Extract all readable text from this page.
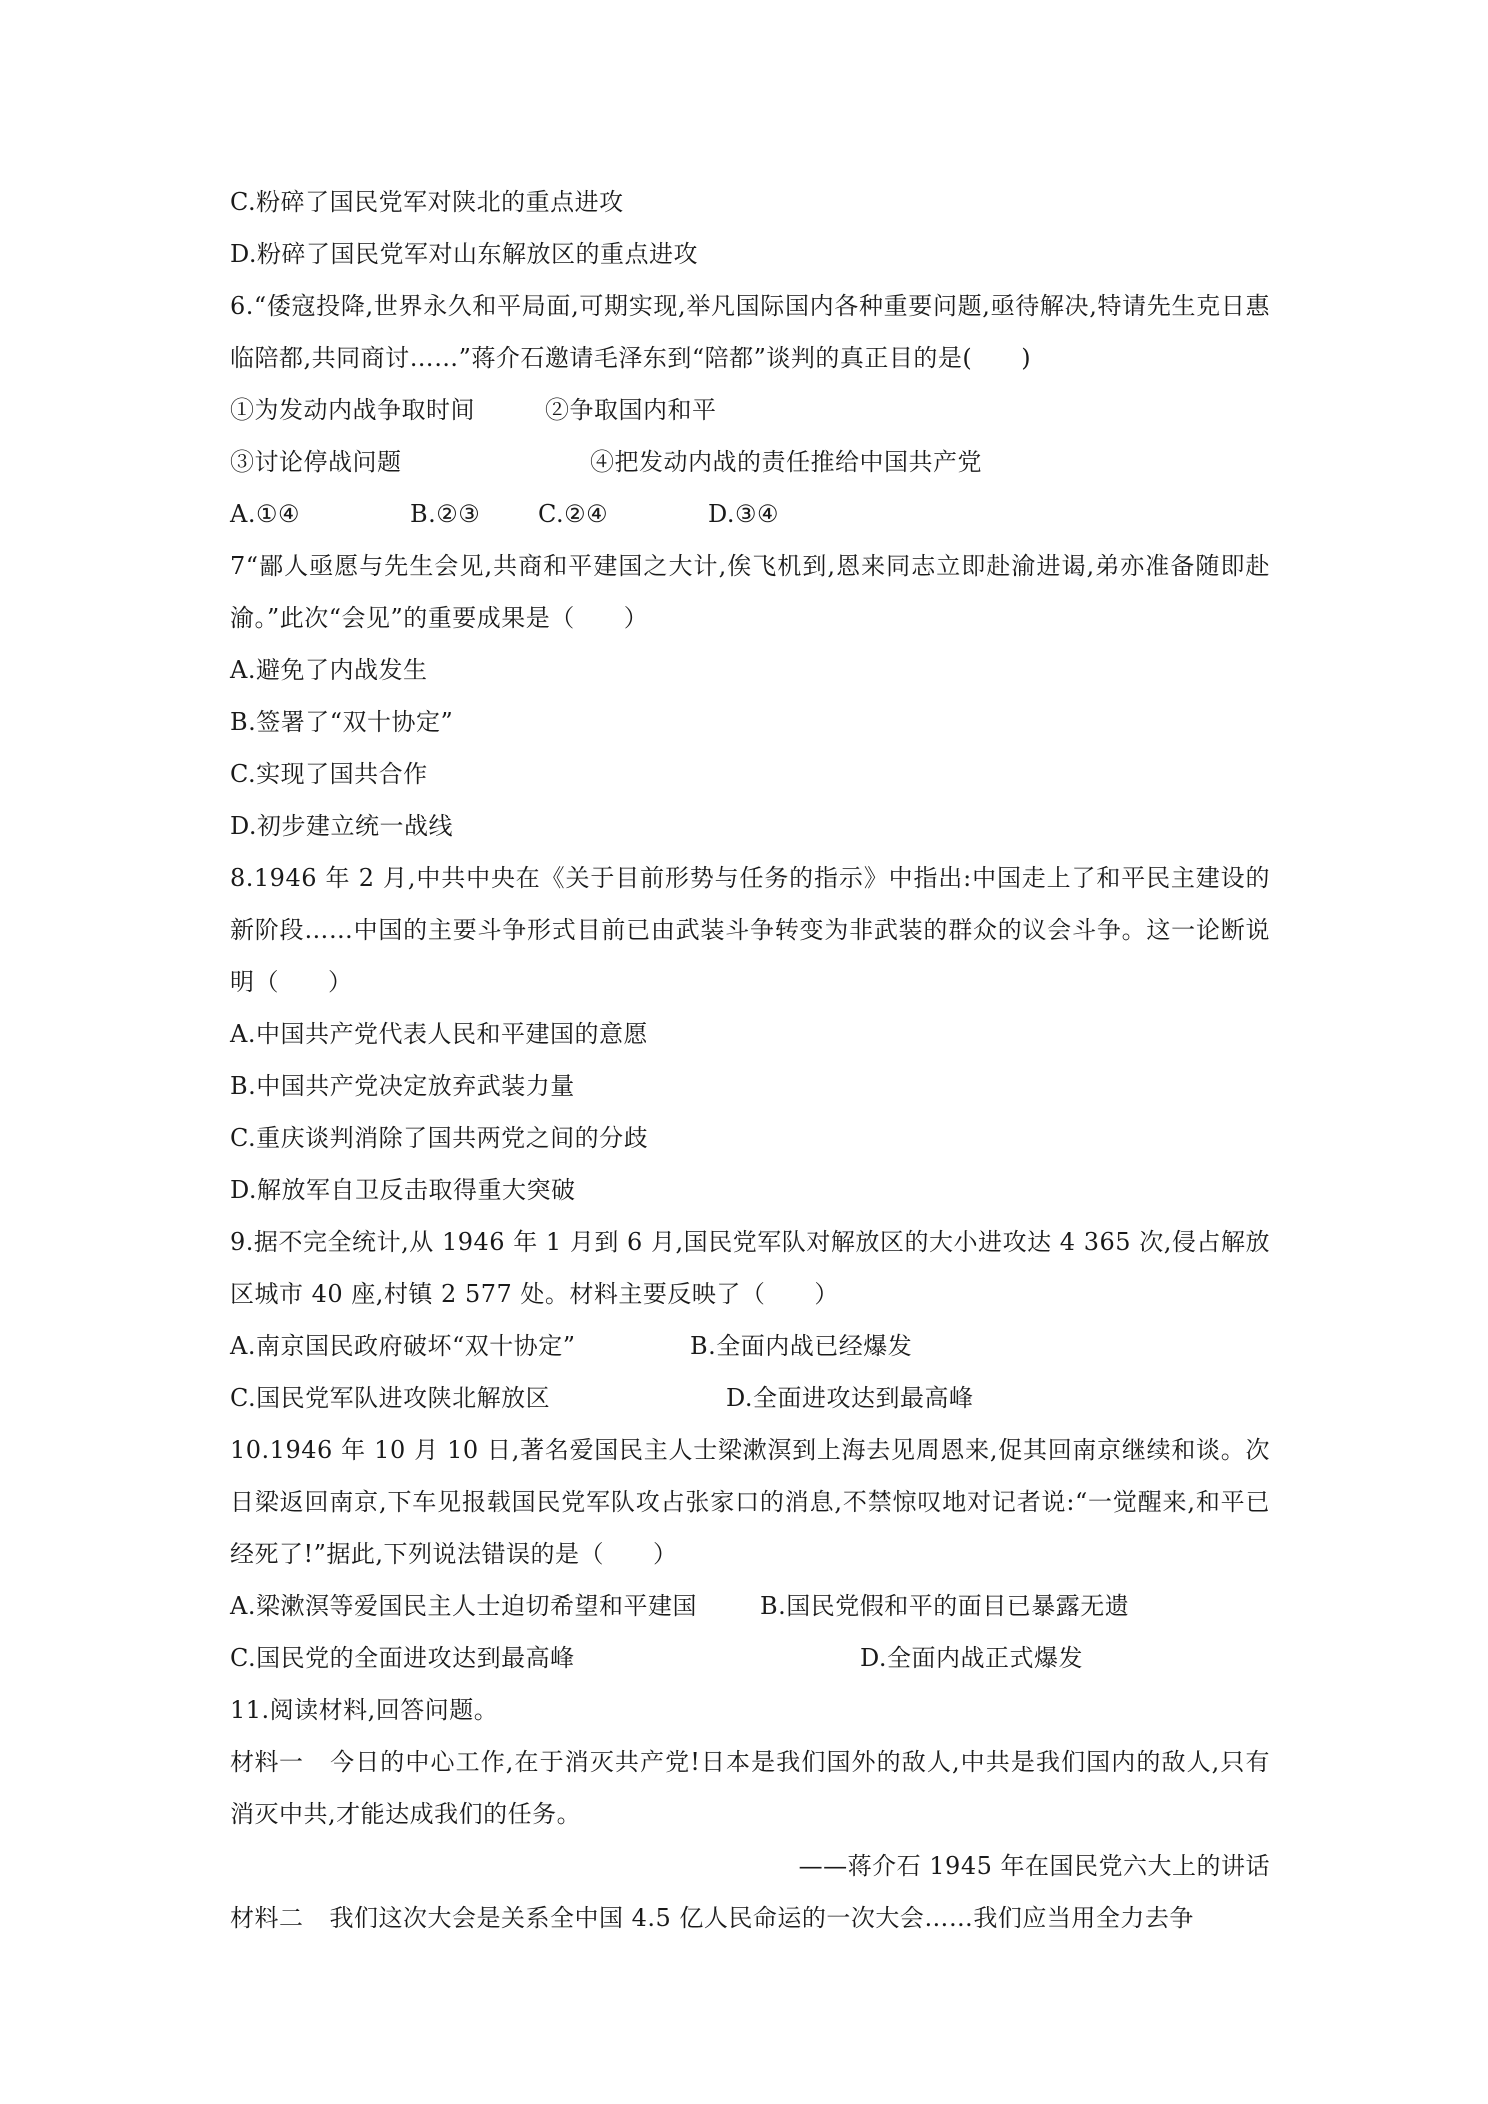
C.粉碎了国民党军对陕北的重点进攻
D.粉碎了国民党军对山东解放区的重点进攻
6.“倭寇投降,世界永久和平局面,可期实现,举凡国际国内各种重要问题,亟待解决,特请先生克日惠临陪都,共同商讨……”蒋介石邀请毛泽东到“陪都”谈判的真正目的是(　　)
①为发动内战争取时间	②争取国内和平
③讨论停战问题	④把发动内战的责任推给中国共产党
A.①④	B.②③	C.②④	D.③④
7“鄙人亟愿与先生会见,共商和平建国之大计,俟飞机到,恩来同志立即赴渝进谒,弟亦准备随即赴渝。”此次“会见”的重要成果是（　　）
A.避免了内战发生
B.签署了“双十协定”
C.实现了国共合作
D.初步建立统一战线
8.1946 年 2 月,中共中央在《关于目前形势与任务的指示》中指出:中国走上了和平民主建设的新阶段……中国的主要斗争形式目前已由武装斗争转变为非武装的群众的议会斗争。这一论断说明（　　）
A.中国共产党代表人民和平建国的意愿
B.中国共产党决定放弃武装力量
C.重庆谈判消除了国共两党之间的分歧
D.解放军自卫反击取得重大突破
9.据不完全统计,从 1946 年 1 月到 6 月,国民党军队对解放区的大小进攻达 4 365 次,侵占解放区城市 40 座,村镇 2 577 处。材料主要反映了（　　）
A.南京国民政府破坏“双十协定”	B.全面内战已经爆发
C.国民党军队进攻陕北解放区	D.全面进攻达到最高峰
10.1946 年 10 月 10 日,著名爱国民主人士梁漱溟到上海去见周恩来,促其回南京继续和谈。次日梁返回南京,下车见报载国民党军队攻占张家口的消息,不禁惊叹地对记者说:“一觉醒来,和平已经死了!”据此,下列说法错误的是（　　）
A.梁漱溟等爱国民主人士迫切希望和平建国	B.国民党假和平的面目已暴露无遗
C.国民党的全面进攻达到最高峰	D.全面内战正式爆发
11.阅读材料,回答问题。
材料一 今日的中心工作,在于消灭共产党!日本是我们国外的敌人,中共是我们国内的敌人,只有消灭中共,才能达成我们的任务。
——蒋介石 1945 年在国民党六大上的讲话
材料二 我们这次大会是关系全中国 4.5 亿人民命运的一次大会……我们应当用全力去争
